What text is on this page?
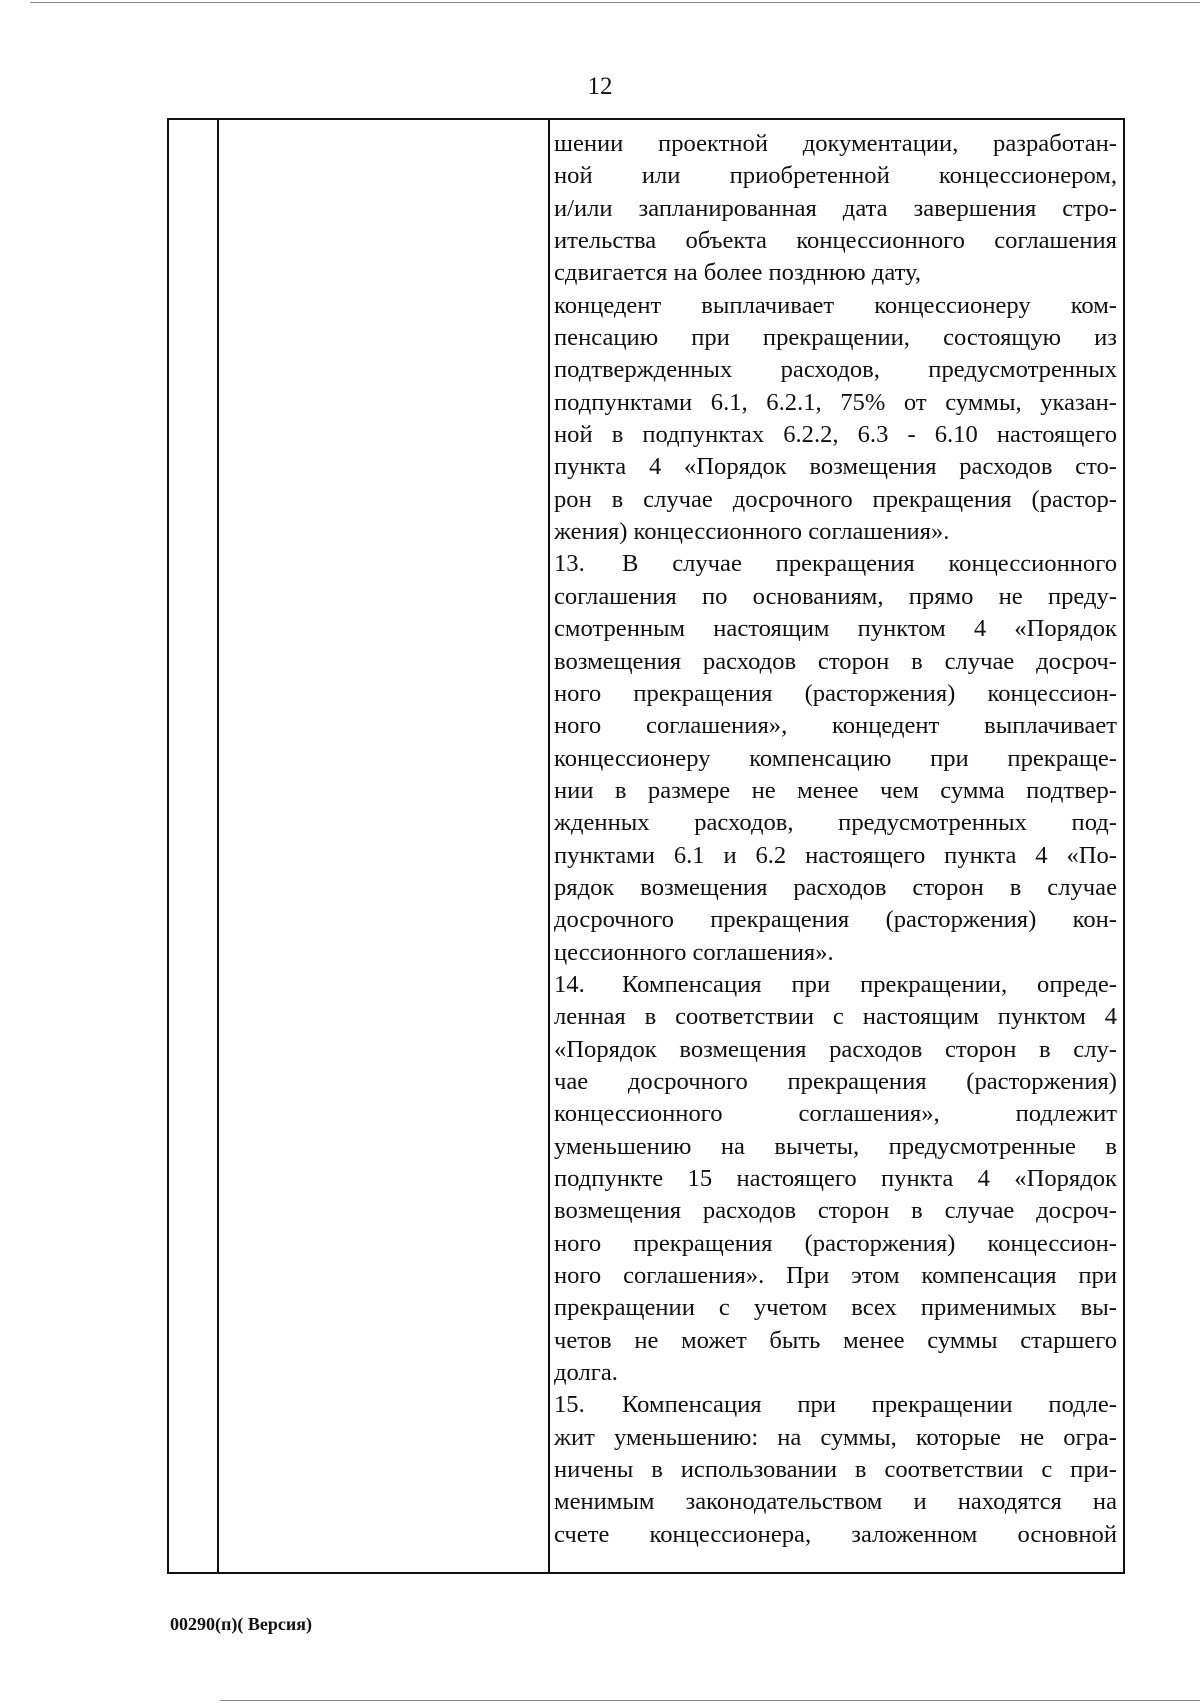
12
шении проектной документации, разработан-
ной или приобретенной концессионером,
и/или запланированная дата завершения стро-
ительства объекта концессионного соглашения
сдвигается на более позднюю дату,
концедент выплачивает концессионеру ком-
пенсацию при прекращении, состоящую из
подтвержденных расходов, предусмотренных
подпунктами 6.1, 6.2.1, 75% от суммы, указан-
ной в подпунктах 6.2.2, 6.3 - 6.10 настоящего
пункта 4 «Порядок возмещения расходов сто-
рон в случае досрочного прекращения (растор-
жения) концессионного соглашения».
13. В случае прекращения концессионного
соглашения по основаниям, прямо не преду-
смотренным настоящим пунктом 4 «Порядок
возмещения расходов сторон в случае досроч-
ного прекращения (расторжения) концессион-
ного соглашения», концедент выплачивает
концессионеру компенсацию при прекраще-
нии в размере не менее чем сумма подтвер-
жденных расходов, предусмотренных под-
пунктами 6.1 и 6.2 настоящего пункта 4 «По-
рядок возмещения расходов сторон в случае
досрочного прекращения (расторжения) кон-
цессионного соглашения».
14. Компенсация при прекращении, опреде-
ленная в соответствии с настоящим пунктом 4
«Порядок возмещения расходов сторон в слу-
чае досрочного прекращения (расторжения)
концессионного соглашения», подлежит
уменьшению на вычеты, предусмотренные в
подпункте 15 настоящего пункта 4 «Порядок
возмещения расходов сторон в случае досроч-
ного прекращения (расторжения) концессион-
ного соглашения». При этом компенсация при
прекращении с учетом всех применимых вы-
четов не может быть менее суммы старшего
долга.
15. Компенсация при прекращении подле-
жит уменьшению: на суммы, которые не огра-
ничены в использовании в соответствии с при-
менимым законодательством и находятся на
счете концессионера, заложенном основной
00290(п)( Версия)
